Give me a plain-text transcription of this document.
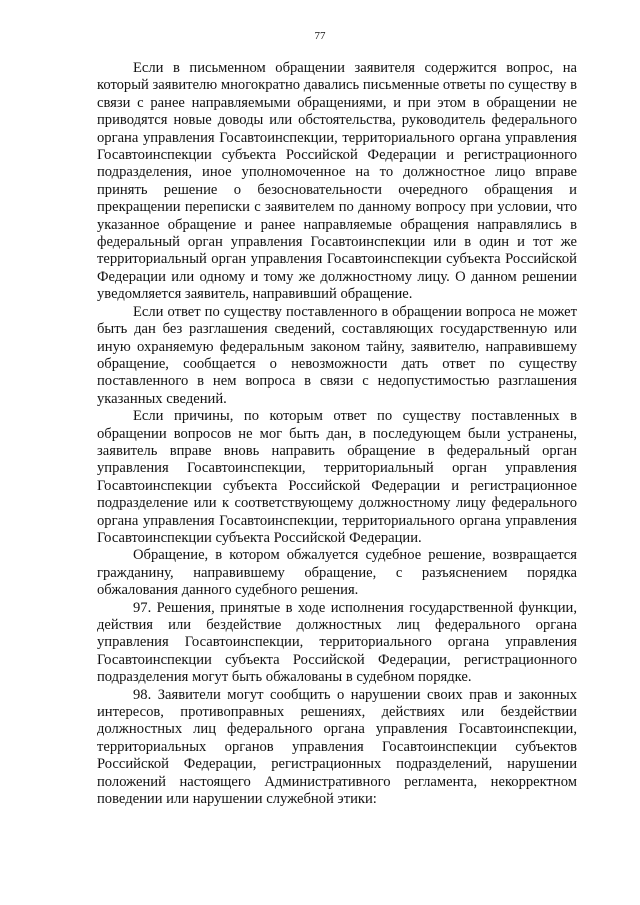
77

Если в письменном обращении заявителя содержится вопрос, на который заявителю многократно давались письменные ответы по существу в связи с ранее направляемыми обращениями, и при этом в обращении не приводятся новые доводы или обстоятельства, руководитель федерального органа управления Госавтоинспекции, территориального органа управления Госавтоинспекции субъекта Российской Федерации и регистрационного подразделения, иное уполномоченное на то должностное лицо вправе принять решение о безосновательности очередного обращения и прекращении переписки с заявителем по данному вопросу при условии, что указанное обращение и ранее направляемые обращения направлялись в федеральный орган управления Госавтоинспекции или в один и тот же территориальный орган управления Госавтоинспекции субъекта Российской Федерации или одному и тому же должностному лицу. О данном решении уведомляется заявитель, направивший обращение.

Если ответ по существу поставленного в обращении вопроса не может быть дан без разглашения сведений, составляющих государственную или иную охраняемую федеральным законом тайну, заявителю, направившему обращение, сообщается о невозможности дать ответ по существу поставленного в нем вопроса в связи с недопустимостью разглашения указанных сведений.

Если причины, по которым ответ по существу поставленных в обращении вопросов не мог быть дан, в последующем были устранены, заявитель вправе вновь направить обращение в федеральный орган управления Госавтоинспекции, территориальный орган управления Госавтоинспекции субъекта Российской Федерации и регистрационное подразделение или к соответствующему должностному лицу федерального органа управления Госавтоинспекции, территориального органа управления Госавтоинспекции субъекта Российской Федерации.

Обращение, в котором обжалуется судебное решение, возвращается гражданину, направившему обращение, с разъяснением порядка обжалования данного судебного решения.

97. Решения, принятые в ходе исполнения государственной функции, действия или бездействие должностных лиц федерального органа управления Госавтоинспекции, территориального органа управления Госавтоинспекции субъекта Российской Федерации, регистрационного подразделения могут быть обжалованы в судебном порядке.

98. Заявители могут сообщить о нарушении своих прав и законных интересов, противоправных решениях, действиях или бездействии должностных лиц федерального органа управления Госавтоинспекции, территориальных органов управления Госавтоинспекции субъектов Российской Федерации, регистрационных подразделений, нарушении положений настоящего Административного регламента, некорректном поведении или нарушении служебной этики:
